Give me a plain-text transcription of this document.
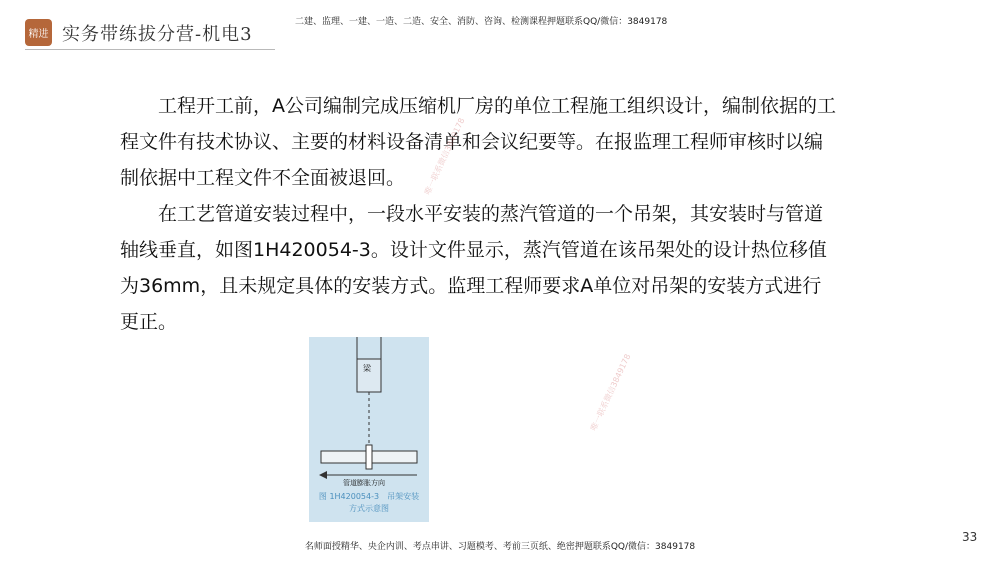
精进 实务带练拔分营-机电3
二建、监理、一建、一造、二造、安全、消防、咨询、检测课程押题联系QQ/微信：3849178

工程开工前，A公司编制完成压缩机厂房的单位工程施工组织设计，编制依据的工程文件有技术协议、主要的材料设备清单和会议纪要等。在报监理工程师审核时以编制依据中工程文件不全面被退回。

在工艺管道安装过程中，一段水平安装的蒸汽管道的一个吊架，其安装时与管道轴线垂直，如图1H420054-3。设计文件显示，蒸汽管道在该吊架处的设计热位移值为36mm，且未规定具体的安装方式。监理工程师要求A单位对吊架的安装方式进行更正。

梁
管道膨胀方向
图 1H420054-3　吊架安装
方式示意图
唯一联系微信3849178
唯一联系微信3849178
33
名师面授精华、央企内训、考点串讲、习题模考、考前三页纸、绝密押题联系QQ/微信：3849178
